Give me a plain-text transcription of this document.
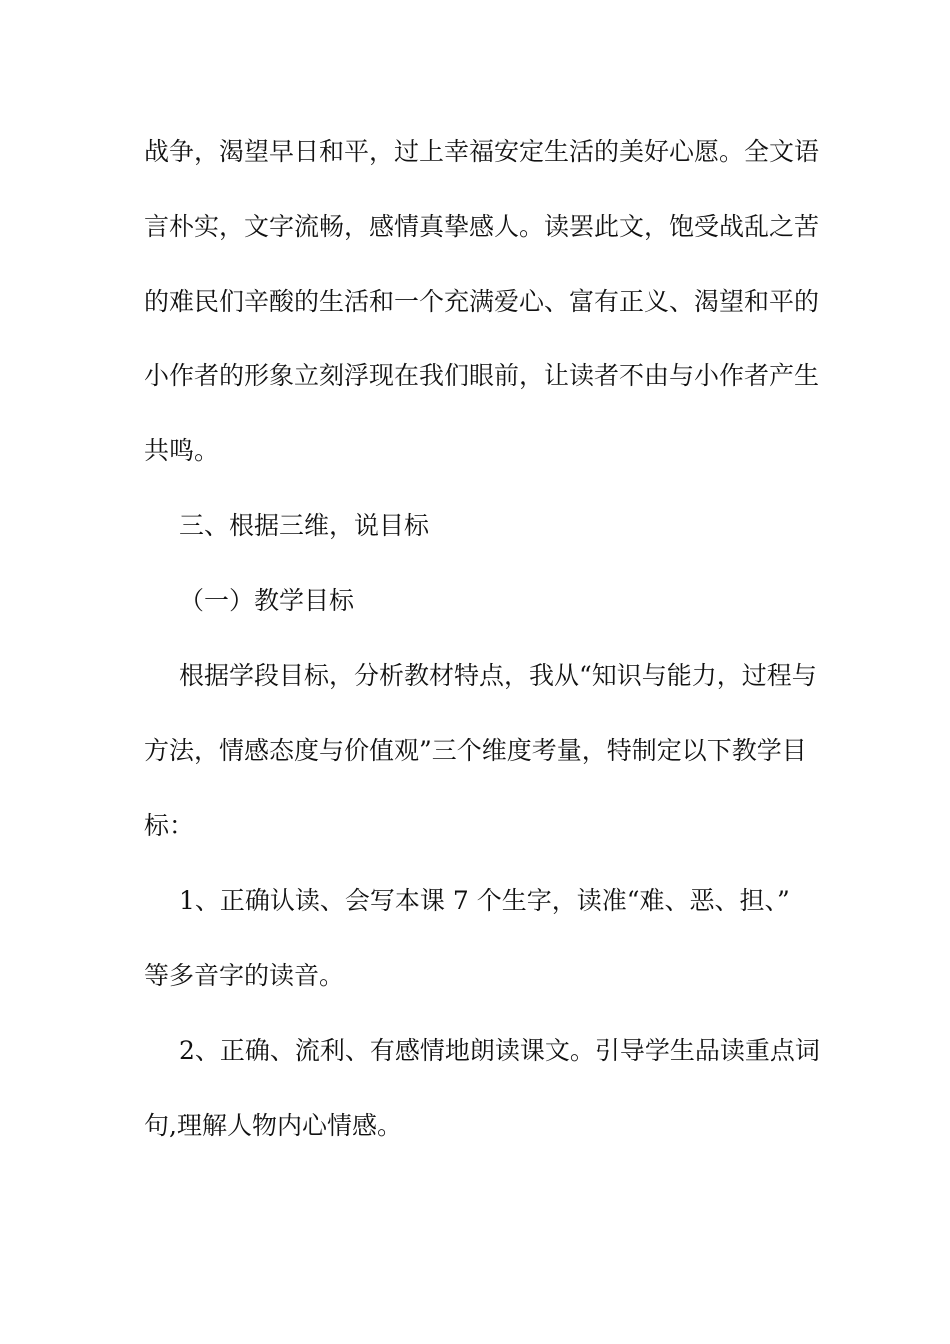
战争，渴望早日和平，过上幸福安定生活的美好心愿。全文语
言朴实，文字流畅，感情真挚感人。读罢此文，饱受战乱之苦
的难民们辛酸的生活和一个充满爱心、富有正义、渴望和平的
小作者的形象立刻浮现在我们眼前，让读者不由与小作者产生
共鸣。
三、根据三维，说目标
（一）教学目标
根据学段目标，分析教材特点，我从“知识与能力，过程与
方法，情感态度与价值观”三个维度考量，特制定以下教学目
标：
1、正确认读、会写本课 7 个生字，读准“难、恶、担、”
等多音字的读音。
2、正确、流利、有感情地朗读课文。引导学生品读重点词
句,理解人物内心情感。
